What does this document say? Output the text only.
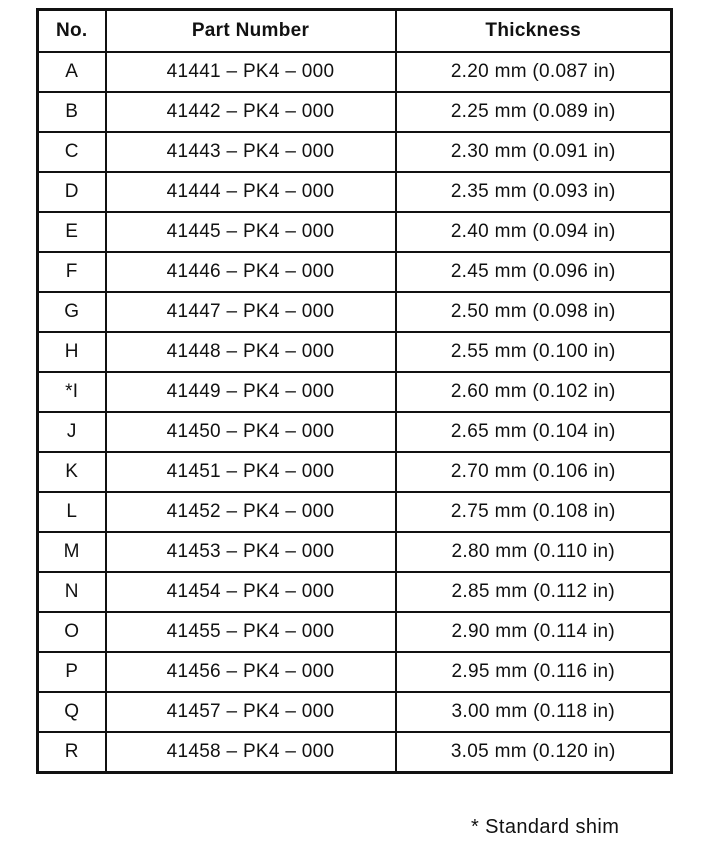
No.	Part Number	Thickness
A	41441 – PK4 – 000	2.20 mm (0.087 in)
B	41442 – PK4 – 000	2.25 mm (0.089 in)
C	41443 – PK4 – 000	2.30 mm (0.091 in)
D	41444 – PK4 – 000	2.35 mm (0.093 in)
E	41445 – PK4 – 000	2.40 mm (0.094 in)
F	41446 – PK4 – 000	2.45 mm (0.096 in)
G	41447 – PK4 – 000	2.50 mm (0.098 in)
H	41448 – PK4 – 000	2.55 mm (0.100 in)
*I	41449 – PK4 – 000	2.60 mm (0.102 in)
J	41450 – PK4 – 000	2.65 mm (0.104 in)
K	41451 – PK4 – 000	2.70 mm (0.106 in)
L	41452 – PK4 – 000	2.75 mm (0.108 in)
M	41453 – PK4 – 000	2.80 mm (0.110 in)
N	41454 – PK4 – 000	2.85 mm (0.112 in)
O	41455 – PK4 – 000	2.90 mm (0.114 in)
P	41456 – PK4 – 000	2.95 mm (0.116 in)
Q	41457 – PK4 – 000	3.00 mm (0.118 in)
R	41458 – PK4 – 000	3.05 mm (0.120 in)
* Standard shim
